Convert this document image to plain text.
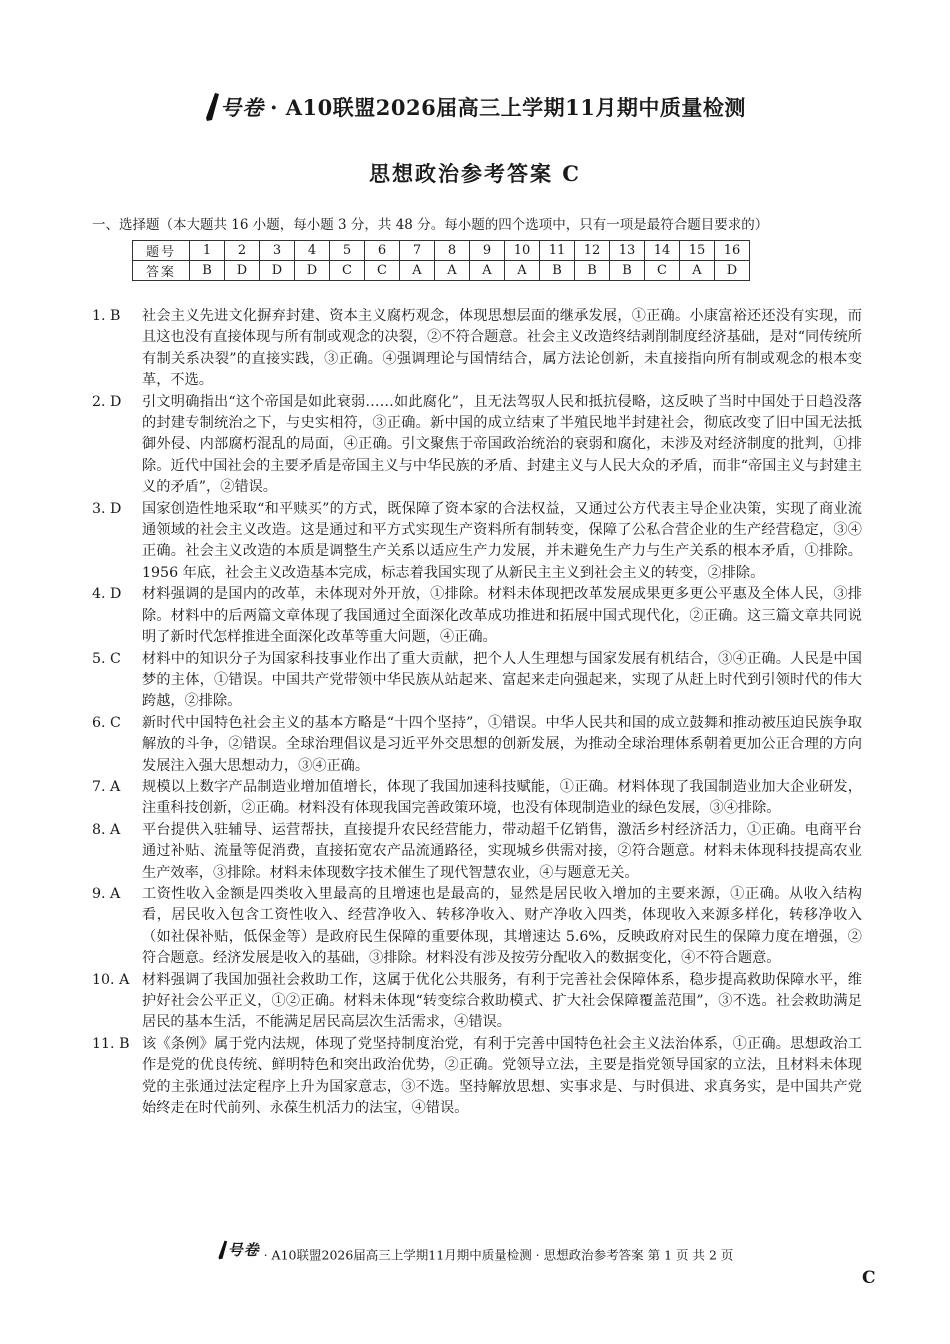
号卷 · A10联盟2026届高三上学期11月期中质量检测
思想政治参考答案 C
一、选择题（本大题共 16 小题，每小题 3 分，共 48 分。每小题的四个选项中，只有一项是最符合题目要求的）
题号	1	2	3	4	5	6	7	8	9	10	11	12	13	14	15	16
答案	B	D	D	D	C	C	A	A	A	A	B	B	B	C	A	D
1. B	社会主义先进文化摒弃封建、资本主义腐朽观念，体现思想层面的继承发展，①正确。小康富裕还还没有实现，而且这也没有直接体现与所有制或观念的决裂，②不符合题意。社会主义改造终结剥削制度经济基础，是对“同传统所有制关系决裂”的直接实践，③正确。④强调理论与国情结合，属方法论创新，未直接指向所有制或观念的根本变革，不选。
2. D	引文明确指出“这个帝国是如此衰弱……如此腐化”，且无法驾驭人民和抵抗侵略，这反映了当时中国处于日趋没落的封建专制统治之下，与史实相符，③正确。新中国的成立结束了半殖民地半封建社会，彻底改变了旧中国无法抵御外侵、内部腐朽混乱的局面，④正确。引文聚焦于帝国政治统治的衰弱和腐化，未涉及对经济制度的批判，①排除。近代中国社会的主要矛盾是帝国主义与中华民族的矛盾、封建主义与人民大众的矛盾，而非“帝国主义与封建主义的矛盾”，②错误。
3. D	国家创造性地采取“和平赎买”的方式，既保障了资本家的合法权益，又通过公方代表主导企业决策，实现了商业流通领域的社会主义改造。这是通过和平方式实现生产资料所有制转变，保障了公私合营企业的生产经营稳定，③④正确。社会主义改造的本质是调整生产关系以适应生产力发展，并未避免生产力与生产关系的根本矛盾，①排除。1956 年底，社会主义改造基本完成，标志着我国实现了从新民主主义到社会主义的转变，②排除。
4. D	材料强调的是国内的改革，未体现对外开放，①排除。材料未体现把改革发展成果更多更公平惠及全体人民，③排除。材料中的后两篇文章体现了我国通过全面深化改革成功推进和拓展中国式现代化，②正确。这三篇文章共同说明了新时代怎样推进全面深化改革等重大问题，④正确。
5. C	材料中的知识分子为国家科技事业作出了重大贡献，把个人人生理想与国家发展有机结合，③④正确。人民是中国梦的主体，①错误。中国共产党带领中华民族从站起来、富起来走向强起来，实现了从赶上时代到引领时代的伟大跨越，②排除。
6. C	新时代中国特色社会主义的基本方略是“十四个坚持”，①错误。中华人民共和国的成立鼓舞和推动被压迫民族争取解放的斗争，②错误。全球治理倡议是习近平外交思想的创新发展，为推动全球治理体系朝着更加公正合理的方向发展注入强大思想动力，③④正确。
7. A	规模以上数字产品制造业增加值增长，体现了我国加速科技赋能，①正确。材料体现了我国制造业加大企业研发，注重科技创新，②正确。材料没有体现我国完善政策环境，也没有体现制造业的绿色发展，③④排除。
8. A	平台提供入驻辅导、运营帮扶，直接提升农民经营能力，带动超千亿销售，激活乡村经济活力，①正确。电商平台通过补贴、流量等促消费，直接拓宽农产品流通路径，实现城乡供需对接，②符合题意。材料未体现科技提高农业生产效率，③排除。材料未体现数字技术催生了现代智慧农业，④与题意无关。
9. A	工资性收入金额是四类收入里最高的且增速也是最高的，显然是居民收入增加的主要来源，①正确。从收入结构看，居民收入包含工资性收入、经营净收入、转移净收入、财产净收入四类，体现收入来源多样化，转移净收入（如社保补贴，低保金等）是政府民生保障的重要体现，其增速达 5.6%，反映政府对民生的保障力度在增强，②符合题意。经济发展是收入的基础，③排除。材料没有涉及按劳分配收入的数据变化，④不符合题意。
10. A 材料强调了我国加强社会救助工作，这属于优化公共服务，有利于完善社会保障体系，稳步提高救助保障水平，维护好社会公平正义，①②正确。材料未体现“转变综合救助模式、扩大社会保障覆盖范围”，③不选。社会救助满足居民的基本生活，不能满足居民高层次生活需求，④错误。
11. B 该《条例》属于党内法规，体现了党坚持制度治党，有利于完善中国特色社会主义法治体系，①正确。思想政治工作是党的优良传统、鲜明特色和突出政治优势，②正确。党领导立法，主要是指党领导国家的立法，且材料未体现党的主张通过法定程序上升为国家意志，③不选。坚持解放思想、实事求是、与时俱进、求真务实，是中国共产党始终走在时代前列、永葆生机活力的法宝，④错误。
号卷 · A10联盟2026届高三上学期11月期中质量检测 · 思想政治参考答案 第 1 页 共 2 页
C
